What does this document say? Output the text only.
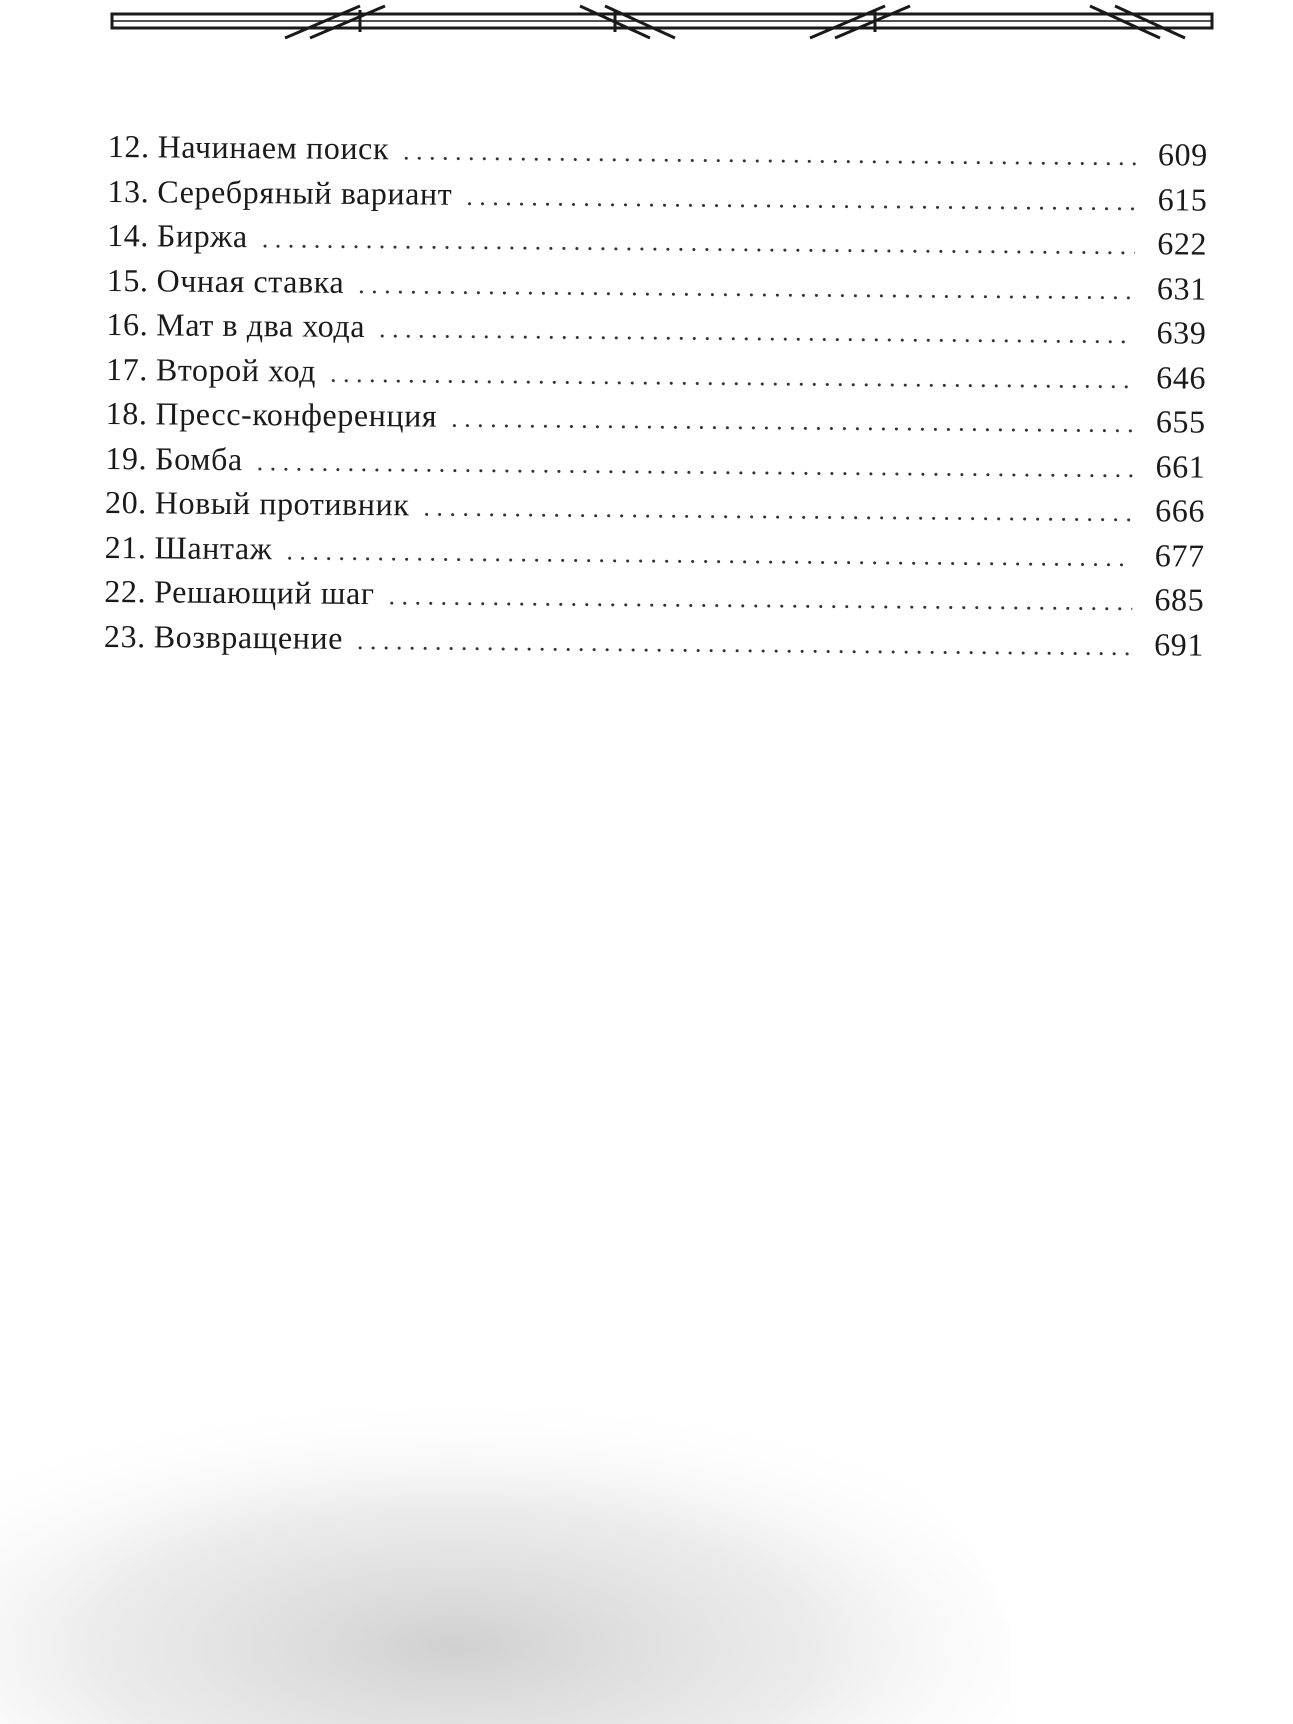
12. Начинаем поиск . . .	609
13. Серебряный вариант . . .	615
14. Биржа . . .	622
15. Очная ставка . . .	631
16. Мат в два хода . . .	639
17. Второй ход . . .	646
18. Пресс-конференция . . .	655
19. Бомба . . .	661
20. Новый противник . . .	666
21. Шантаж . . .	677
22. Решающий шаг . . .	685
23. Возвращение . . .	691
